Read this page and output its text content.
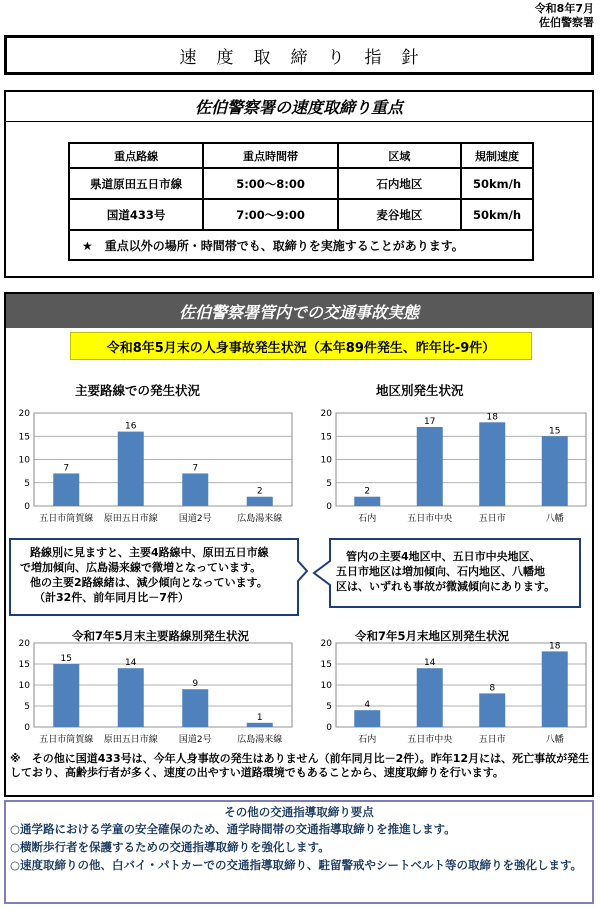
令和8年7月
佐伯警察署
速度取締り指針
佐伯警察署の速度取締り重点
重点路線	重点時間帯	区域	規制速度
県道原田五日市線	5:00～8:00	石内地区	50km/h
国道433号	7:00～9:00	麦谷地区	50km/h
★　重点以外の場所・時間帯でも、取締りを実施することがあります。			
佐伯警察署管内での交通事故実態
令和8年5月末の人身事故発生状況（本年89件発生、昨年比-9件）
主要路線での発生状況	地区別発生状況
令和7年5月末主要路線別発生状況	令和7年5月末地区別発生状況
0
5
10
15
20
7
五日市筒賀線
16
原田五日市線
7
国道2号
2
広島湯来線
0
5
10
15
20
2
石内
17
五日市中央
18
五日市
15
八幡
0
5
10
15
20
15
五日市筒賀線
14
原田五日市線
9
国道2号
1
広島湯来線
0
5
10
15
20
4
石内
14
五日市中央
8
五日市
18
八幡
路線別に見ますと、主要4路線中、原田五日市線
で増加傾向、広島湯来線で微増となっています。
他の主要2路線緒は、減少傾向となっています。
（計32件、前年同月比－7件）
管内の主要4地区中、五日市中央地区、
五日市地区は増加傾向、石内地区、八幡地
区は、いずれも事故が微減傾向にあります。
※　その他に国道433号は、今年人身事故の発生はありません（前年同月比－2件）。昨年12月には、死亡事故が発生しており、高齢歩行者が多く、速度の出やすい道路環境でもあることから、速度取締りを行います。
その他の交通指導取締り要点
○通学路における学童の安全確保のため、通学時間帯の交通指導取締りを推進します。
○横断歩行者を保護するための交通指導取締りを強化します。
○速度取締りの他、白バイ・パトカーでの交通指導取締り、駐留警戒やシートベルト等の取締りを強化します。
